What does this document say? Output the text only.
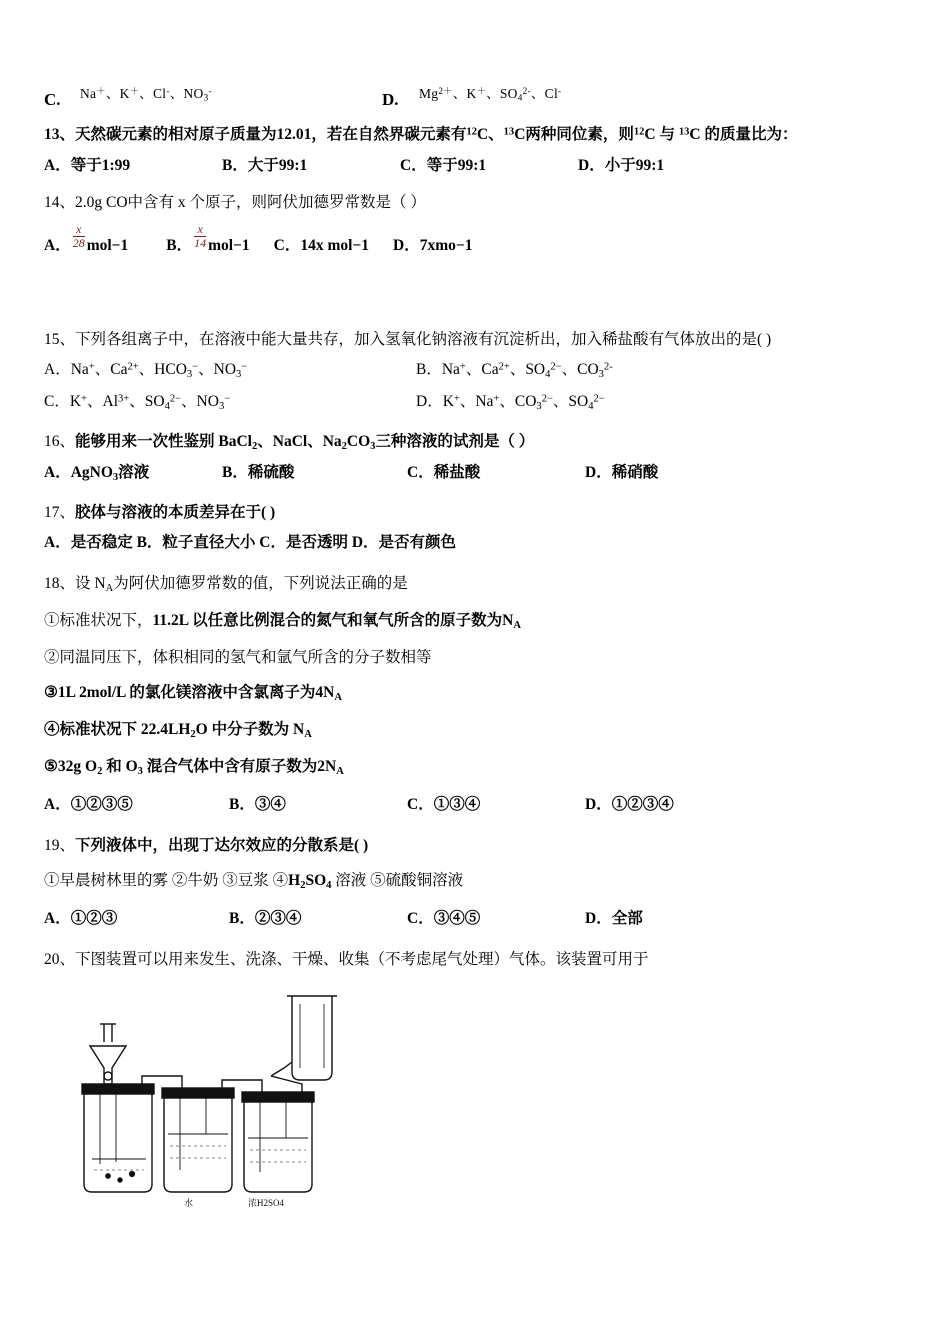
C. Na＋、K＋、Cl-、$NO_3^-$	D. $Mg^{2+}$、K＋、$SO_4^{2-}$、Cl-
13、天然碳元素的相对原子质量为12.01，若在自然界碳元素有$^{12}$C、$^{13}$C两种同位素，则$^{12}$C 与 $^{13}$C 的质量比为：
A．等于1:99	B．大于99:1	C．等于99:1	D．小于99:1
14、2.0g CO中含有 x 个原子，则阿伏加德罗常数是（ ）
A． $\frac{x}{28} mol-1$ B． $\frac{x}{14} mol-1$ C．14x mol−1 D．7xmo−1
15、下列各组离子中，在溶液中能大量共存，加入氢氧化钠溶液有沉淀析出，加入稀盐酸有气体放出的是( )
A．Na+、$Ca^{2+}$、$HCO_3^-$、$NO_3^-$	B．Na+、$Ca^{2+}$、$SO_4^{2-}$、$CO_3^{2-}$
C．K+、$Al^{3+}$、$SO_4^{2-}$、$NO_3^-$	D．K+、Na+、$CO_3^{2-}$、$SO_4^{2-}$
16、能够用来一次性鉴别 BaCl$_2$、NaCl、$Na_2CO_3$三种溶液的试剂是（ ）
A．AgNO$_3$溶液	B．稀硫酸	C．稀盐酸	D．稀硝酸
17、胶体与溶液的本质差异在于( )
A．是否稳定 B．粒子直径大小 C．是否透明 D．是否有颜色
18、设 $N_A$为阿伏加德罗常数的值，下列说法正确的是
①标准状况下，11.2L 以任意比例混合的氮气和氧气所含的原子数为$N_A$
②同温同压下，体积相同的氢气和氩气所含的分子数相等
③1L 2mol/L 的氯化镁溶液中含氯离子为$4N_A$
④标准状况下 $22.4LH_2O$ 中分子数为 $N_A$
⑤32g $O_2$ 和 $O_3$ 混合气体中含有原子数为$2N_A$
A．①②③⑤	B．③④	C．①③④	D．①②③④
19、下列液体中，出现丁达尔效应的分散系是( )
①早晨树林里的雾 ②牛奶 ③豆浆 $④H_2SO_4$ 溶液 ⑤硫酸铜溶液
A．①②③	B．②③④	C．③④⑤	D．全部
20、下图装置可以用来发生、洗涤、干燥、收集（不考虑尾气处理）气体。该装置可用于
水	浓H2SO4
